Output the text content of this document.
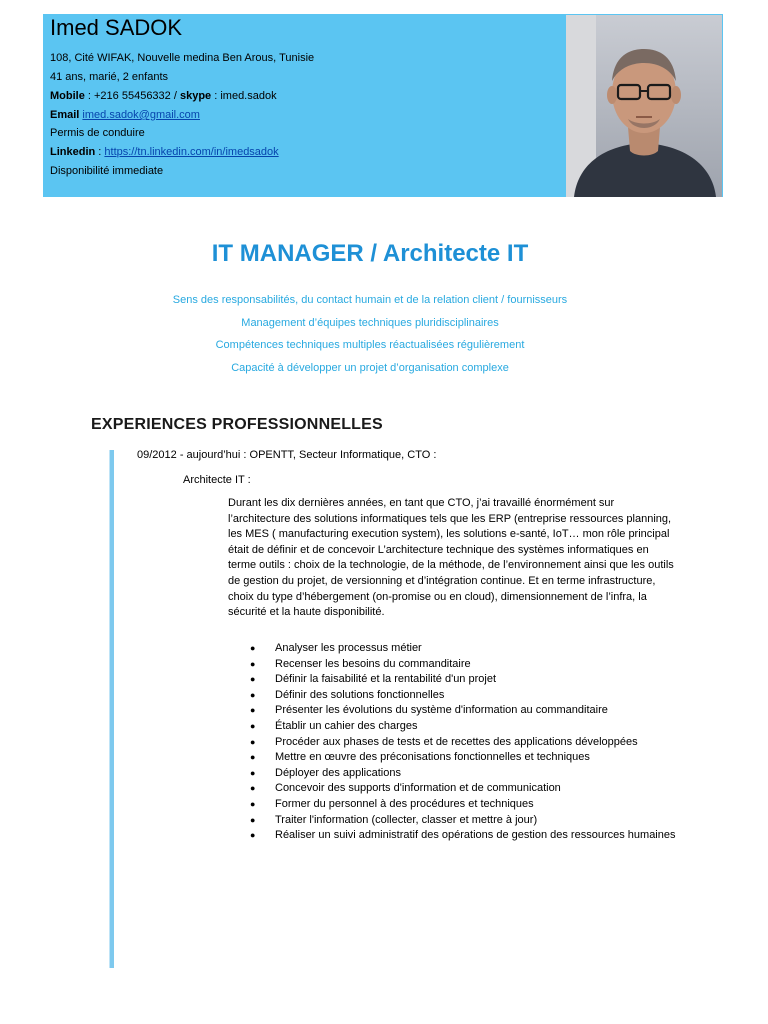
Imed SADOK
108, Cité WIFAK, Nouvelle medina Ben Arous, Tunisie
41 ans, marié, 2 enfants
Mobile : +216 55456332 / skype : imed.sadok
Email imed.sadok@gmail.com
Permis de conduire
Linkedin : https://tn.linkedin.com/in/imedsadok
Disponibilité immediate
IT MANAGER / Architecte IT
Sens des responsabilités, du contact humain et de la relation client / fournisseurs
Management d’équipes techniques pluridisciplinaires
Compétences techniques multiples réactualisées régulièrement
Capacité à développer un projet d’organisation complexe
EXPERIENCES PROFESSIONNELLES
09/2012 - aujourd’hui : OPENTT, Secteur Informatique, CTO :
Architecte IT :
Durant les dix dernières années, en tant que CTO, j’ai travaillé énormément sur l’architecture des solutions informatiques tels que les ERP (entreprise ressources planning, les MES ( manufacturing execution system), les solutions e-santé, IoT… mon rôle principal était de définir et de concevoir L’architecture technique des systèmes informatiques en terme outils : choix de la technologie, de la méthode, de l’environnement ainsi que les outils de gestion du projet, de versionning et d’intégration continue. Et en terme infrastructure, choix du type d’hébergement (on-promise ou en cloud), dimensionnement de l’infra, la sécurité et la haute disponibilité.
● Analyser les processus métier
● Recenser les besoins du commanditaire
● Définir la faisabilité et la rentabilité d'un projet
● Définir des solutions fonctionnelles
● Présenter les évolutions du système d'information au commanditaire
● Établir un cahier des charges
● Procéder aux phases de tests et de recettes des applications développées
● Mettre en œuvre des préconisations fonctionnelles et techniques
● Déployer des applications
● Concevoir des supports d'information et de communication
● Former du personnel à des procédures et techniques
● Traiter l'information (collecter, classer et mettre à jour)
● Réaliser un suivi administratif des opérations de gestion des ressources humaines
